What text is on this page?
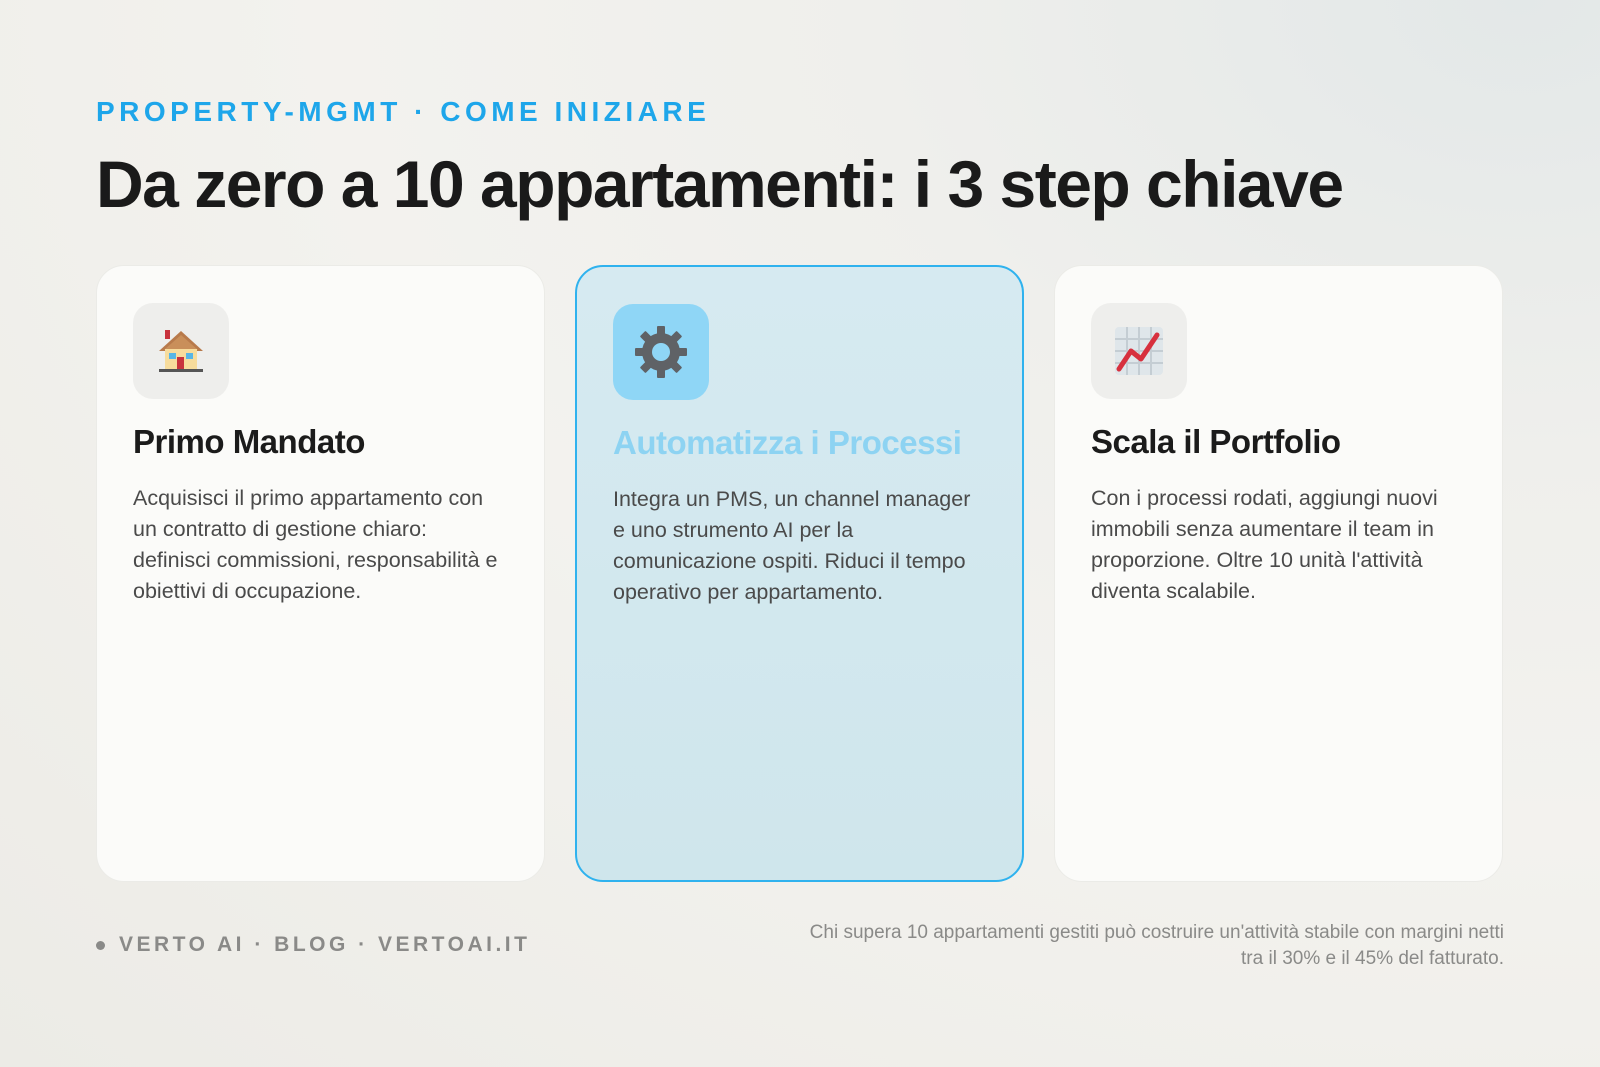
PROPERTY-MGMT · COME INIZIARE
Da zero a 10 appartamenti: i 3 step chiave
Primo Mandato
Acquisisci il primo appartamento con un contratto di gestione chiaro: definisci commissioni, responsabilità e obiettivi di occupazione.
Automatizza i Processi
Integra un PMS, un channel manager e uno strumento AI per la comunicazione ospiti. Riduci il tempo operativo per appartamento.
Scala il Portfolio
Con i processi rodati, aggiungi nuovi immobili senza aumentare il team in proporzione. Oltre 10 unità l'attività diventa scalabile.
VERTO AI · BLOG · VERTOAI.IT
Chi supera 10 appartamenti gestiti può costruire un'attività stabile con margini netti tra il 30% e il 45% del fatturato.
